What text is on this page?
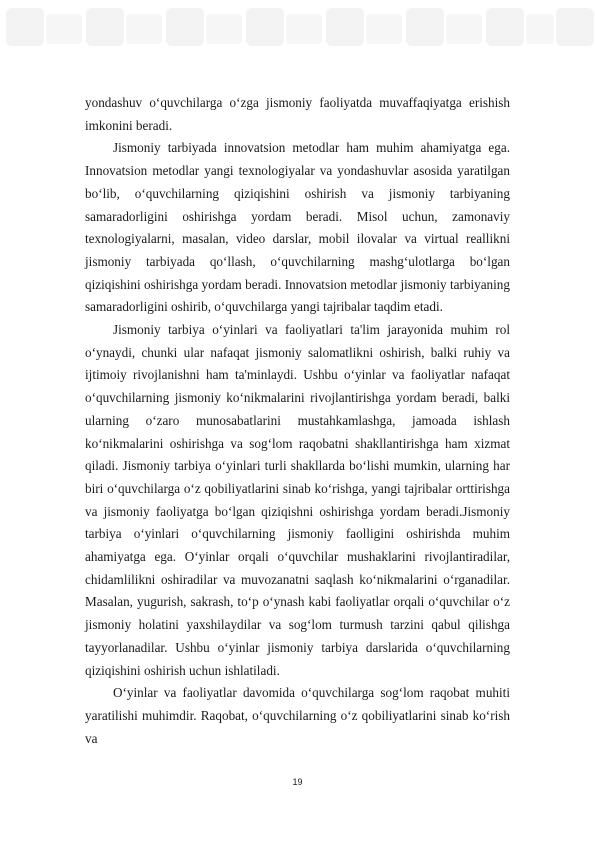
yondashuv o‘quvchilarga o‘zga jismoniy faoliyatda muvaffaqiyatga erishish imkonini beradi.

Jismoniy tarbiyada innovatsion metodlar ham muhim ahamiyatga ega. Innovatsion metodlar yangi texnologiyalar va yondashuvlar asosida yaratilgan bo‘lib, o‘quvchilarning qiziqishini oshirish va jismoniy tarbiyaning samaradorligini oshirishga yordam beradi. Misol uchun, zamonaviy texnologiyalarni, masalan, video darslar, mobil ilovalar va virtual reallikni jismoniy tarbiyada qo‘llash, o‘quvchilarning mashg‘ulotlarga bo‘lgan qiziqishini oshirishga yordam beradi. Innovatsion metodlar jismoniy tarbiyaning samaradorligini oshirib, o‘quvchilarga yangi tajribalar taqdim etadi.

Jismoniy tarbiya o‘yinlari va faoliyatlari ta'lim jarayonida muhim rol o‘ynaydi, chunki ular nafaqat jismoniy salomatlikni oshirish, balki ruhiy va ijtimoiy rivojlanishni ham ta'minlaydi. Ushbu o‘yinlar va faoliyatlar nafaqat o‘quvchilarning jismoniy ko‘nikmalarini rivojlantirishga yordam beradi, balki ularning o‘zaro munosabatlarini mustahkamlashga, jamoada ishlash ko‘nikmalarini oshirishga va sog‘lom raqobatni shakllantirishga ham xizmat qiladi. Jismoniy tarbiya o‘yinlari turli shakllarda bo‘lishi mumkin, ularning har biri o‘quvchilarga o‘z qobiliyatlarini sinab ko‘rishga, yangi tajribalar orttirishga va jismoniy faoliyatga bo‘lgan qiziqishni oshirishga yordam beradi.Jismoniy tarbiya o‘yinlari o‘quvchilarning jismoniy faolligini oshirishda muhim ahamiyatga ega. O‘yinlar orqali o‘quvchilar mushaklarini rivojlantiradilar, chidamlilikni oshiradilar va muvozanatni saqlash ko‘nikmalarini o‘rganadilar. Masalan, yugurish, sakrash, to‘p o‘ynash kabi faoliyatlar orqali o‘quvchilar o‘z jismoniy holatini yaxshilaydilar va sog‘lom turmush tarzini qabul qilishga tayyorlanadilar. Ushbu o‘yinlar jismoniy tarbiya darslarida o‘quvchilarning qiziqishini oshirish uchun ishlatiladi.

O‘yinlar va faoliyatlar davomida o‘quvchilarga sog‘lom raqobat muhiti yaratilishi muhimdir. Raqobat, o‘quvchilarning o‘z qobiliyatlarini sinab ko‘rish va

19
